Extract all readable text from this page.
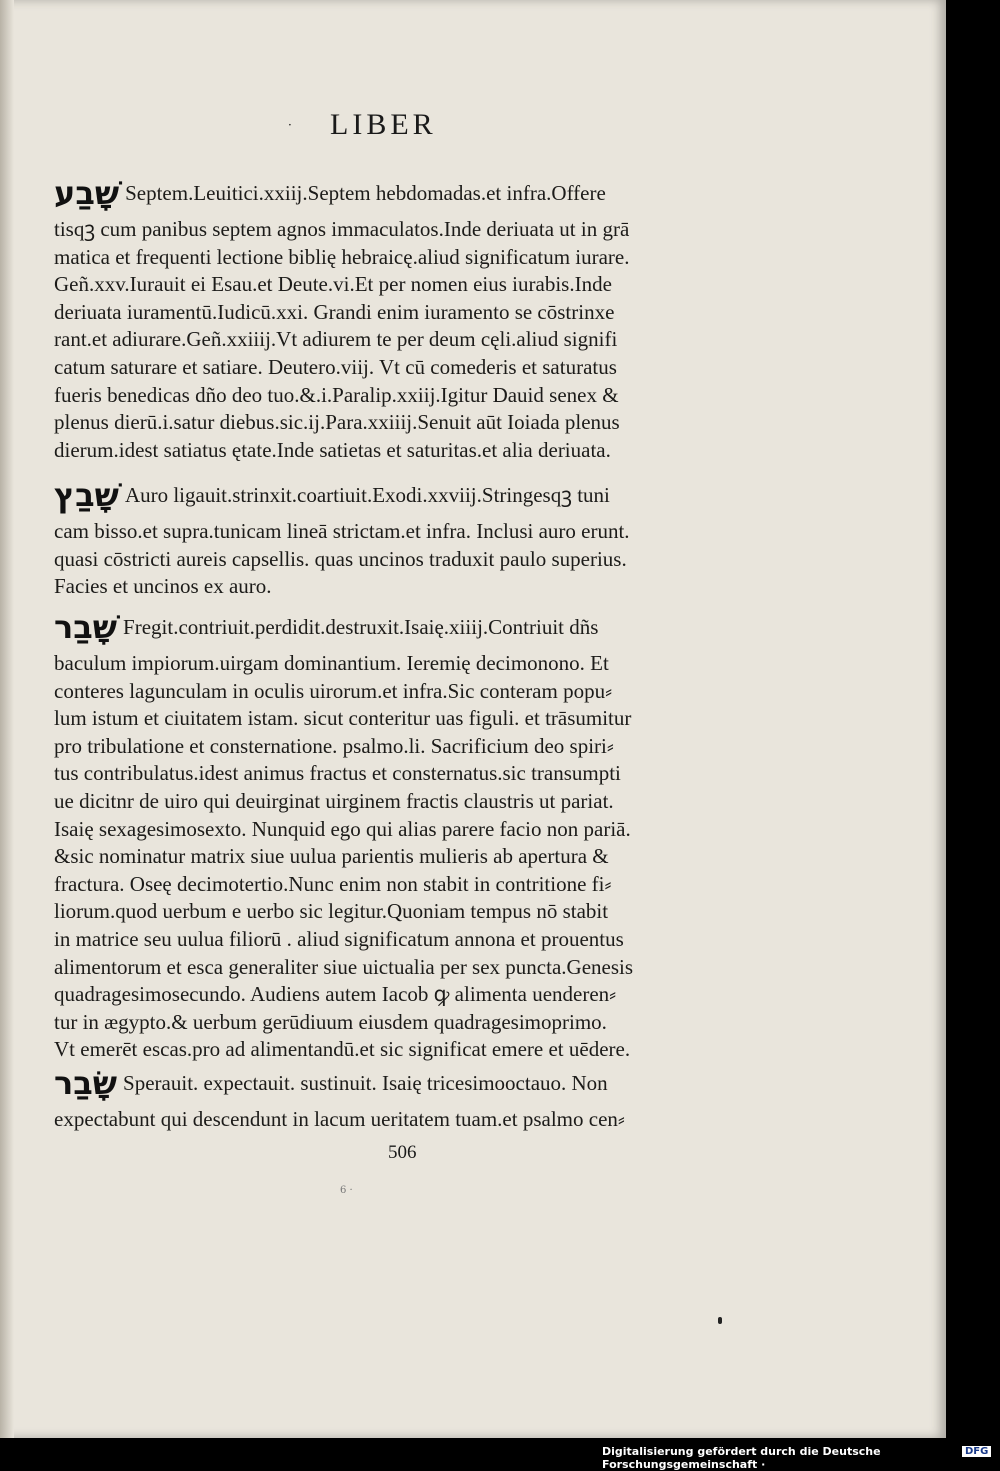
· LIBER
שָׁבַע Septem.Leuitici.xxiij.Septem hebdomadas.et infra.Offere
tisqꝫ cum panibus septem agnos immaculatos.Inde deriuata ut in grā
matica et frequenti lectione biblię hebraicę.aliud significatum iurare.
Geñ.xxv.Iurauit ei Esau.et Deute.vi.Et per nomen eius iurabis.Inde
deriuata iuramentū.Iudicū.xxi. Grandi enim iuramento se cōstrinxe
rant.et adiurare.Geñ.xxiiij.Vt adiurem te per deum cęli.aliud signifi
catum saturare et satiare. Deutero.viij. Vt cū comederis et saturatus
fueris benedicas dño deo tuo.&.i.Paralip.xxiij.Igitur Dauid senex &
plenus dierū.i.satur diebus.sic.ij.Para.xxiiij.Senuit aūt Ioiada plenus
dierum.idest satiatus ętate.Inde satietas et saturitas.et alia deriuata.
שָׁבַץ Auro ligauit.strinxit.coartiuit.Exodi.xxviij.Stringesqꝫ tuni
cam bisso.et supra.tunicam lineā strictam.et infra. Inclusi auro erunt.
quasi cōstricti aureis capsellis. quas uncinos traduxit paulo superius.
Facies et uncinos ex auro.
שָׁבַר Fregit.contriuit.perdidit.destruxit.Isaię.xiiij.Contriuit dñs
baculum impiorum.uirgam dominantium. Ieremię decimonono. Et
conteres lagunculam in oculis uirorum.et infra.Sic conteram popu⸗
lum istum et ciuitatem istam. sicut conteritur uas figuli. et trāsumitur
pro tribulatione et consternatione. psalmo.li. Sacrificium deo spiri⸗
tus contribulatus.idest animus fractus et consternatus.sic transumpti
ue dicitnr de uiro qui deuirginat uirginem fractis claustris ut pariat.
Isaię sexagesimosexto. Nunquid ego qui alias parere facio non pariā.
&sic nominatur matrix siue uulua parientis mulieris ab apertura &
fractura. Oseę decimotertio.Nunc enim non stabit in contritione fi⸗
liorum.quod uerbum e uerbo sic legitur.Quoniam tempus nō stabit
in matrice seu uulua filiorū . aliud significatum annona et prouentus
alimentorum et esca generaliter siue uictualia per sex puncta.Genesis
quadragesimosecundo. Audiens autem Iacob ꝙ alimenta uenderen⸗
tur in ægypto.& uerbum gerūdiuum eiusdem quadragesimoprimo.
Vt emerēt escas.pro ad alimentandū.et sic significat emere et uēdere.
שָׂבַר Sperauit. expectauit. sustinuit. Isaię tricesimooctauo. Non
expectabunt qui descendunt in lacum ueritatem tuam.et psalmo cen⸗
506
6 ·
Digitalisierung gefördert durch die Deutsche Forschungsgemeinschaft ·
DFG
